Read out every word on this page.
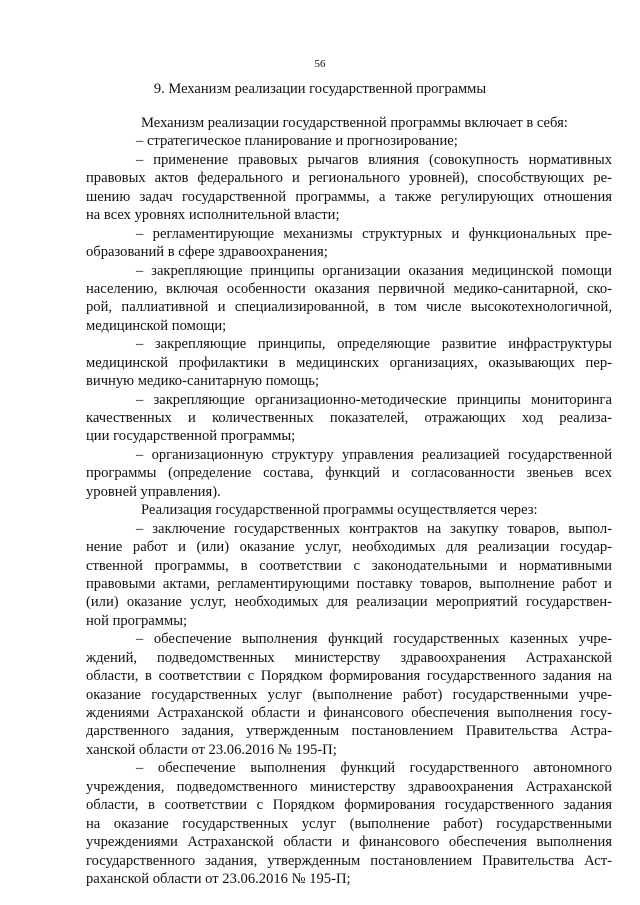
56
9. Механизм реализации государственной программы
Механизм реализации государственной программы включает в себя:
– стратегическое планирование и прогнозирование;
– применение правовых рычагов влияния (совокупность нормативных
правовых актов федерального и регионального уровней), способствующих ре-
шению задач государственной программы, а также регулирующих отношения
на всех уровнях исполнительной власти;
– регламентирующие механизмы структурных и функциональных пре-
образований в сфере здравоохранения;
– закрепляющие принципы организации оказания медицинской помощи
населению, включая особенности оказания первичной медико-санитарной, ско-
рой, паллиативной и специализированной, в том числе высокотехнологичной,
медицинской помощи;
– закрепляющие принципы, определяющие развитие инфраструктуры
медицинской профилактики в медицинских организациях, оказывающих пер-
вичную медико-санитарную помощь;
– закрепляющие организационно-методические принципы мониторинга
качественных и количественных показателей, отражающих ход реализа-
ции государственной программы;
– организационную структуру управления реализацией государственной
программы (определение состава, функций и согласованности звеньев всех
уровней управления).
Реализация государственной программы осуществляется через:
– заключение государственных контрактов на закупку товаров, выпол-
нение работ и (или) оказание услуг, необходимых для реализации государ-
ственной программы, в соответствии с законодательными и нормативными
правовыми актами, регламентирующими поставку товаров, выполнение работ и
(или) оказание услуг, необходимых для реализации мероприятий государствен-
ной программы;
– обеспечение выполнения функций государственных казенных учре-
ждений, подведомственных министерству здравоохранения Астраханской
области, в соответствии с Порядком формирования государственного задания на
оказание государственных услуг (выполнение работ) государственными учре-
ждениями Астраханской области и финансового обеспечения выполнения госу-
дарственного задания, утвержденным постановлением Правительства Астра-
ханской области от 23.06.2016 № 195-П;
– обеспечение выполнения функций государственного автономного
учреждения, подведомственного министерству здравоохранения Астраханской
области, в соответствии с Порядком формирования государственного задания
на оказание государственных услуг (выполнение работ) государственными
учреждениями Астраханской области и финансового обеспечения выполнения
государственного задания, утвержденным постановлением Правительства Аст-
раханской области от 23.06.2016 № 195-П;
